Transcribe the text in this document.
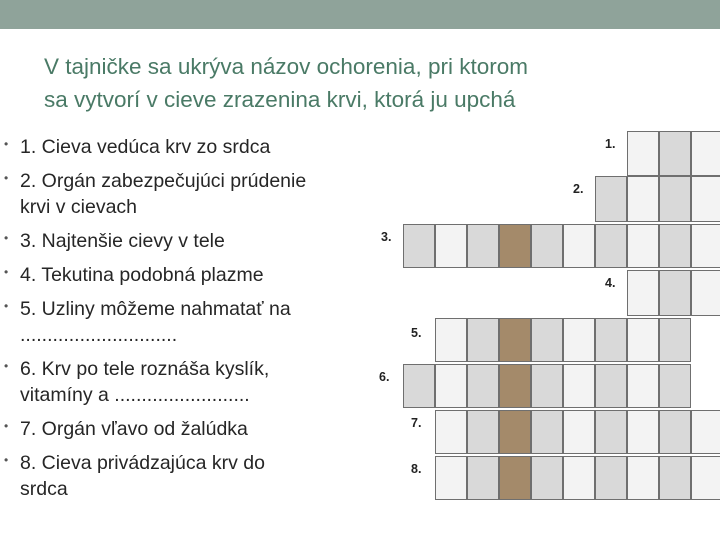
V tajničke sa ukrýva názov ochorenia, pri ktorom
sa vytvorí v cieve zrazenina krvi, ktorá ju upchá
• 1. Cieva vedúca krv zo srdca
• 2. Orgán zabezpečujúci prúdenie
krvi v cievach
• 3. Najtenšie cievy v tele
• 4. Tekutina podobná plazme
• 5. Uzliny môžeme nahmatať na
.............................
• 6. Krv po tele roznáša kyslík,
vitamíny a .........................
• 7. Orgán vľavo od žalúdka
• 8. Cieva privádzajúca krv do
srdca
1.
2.
3.
4.
5.
6.
7.
8.
